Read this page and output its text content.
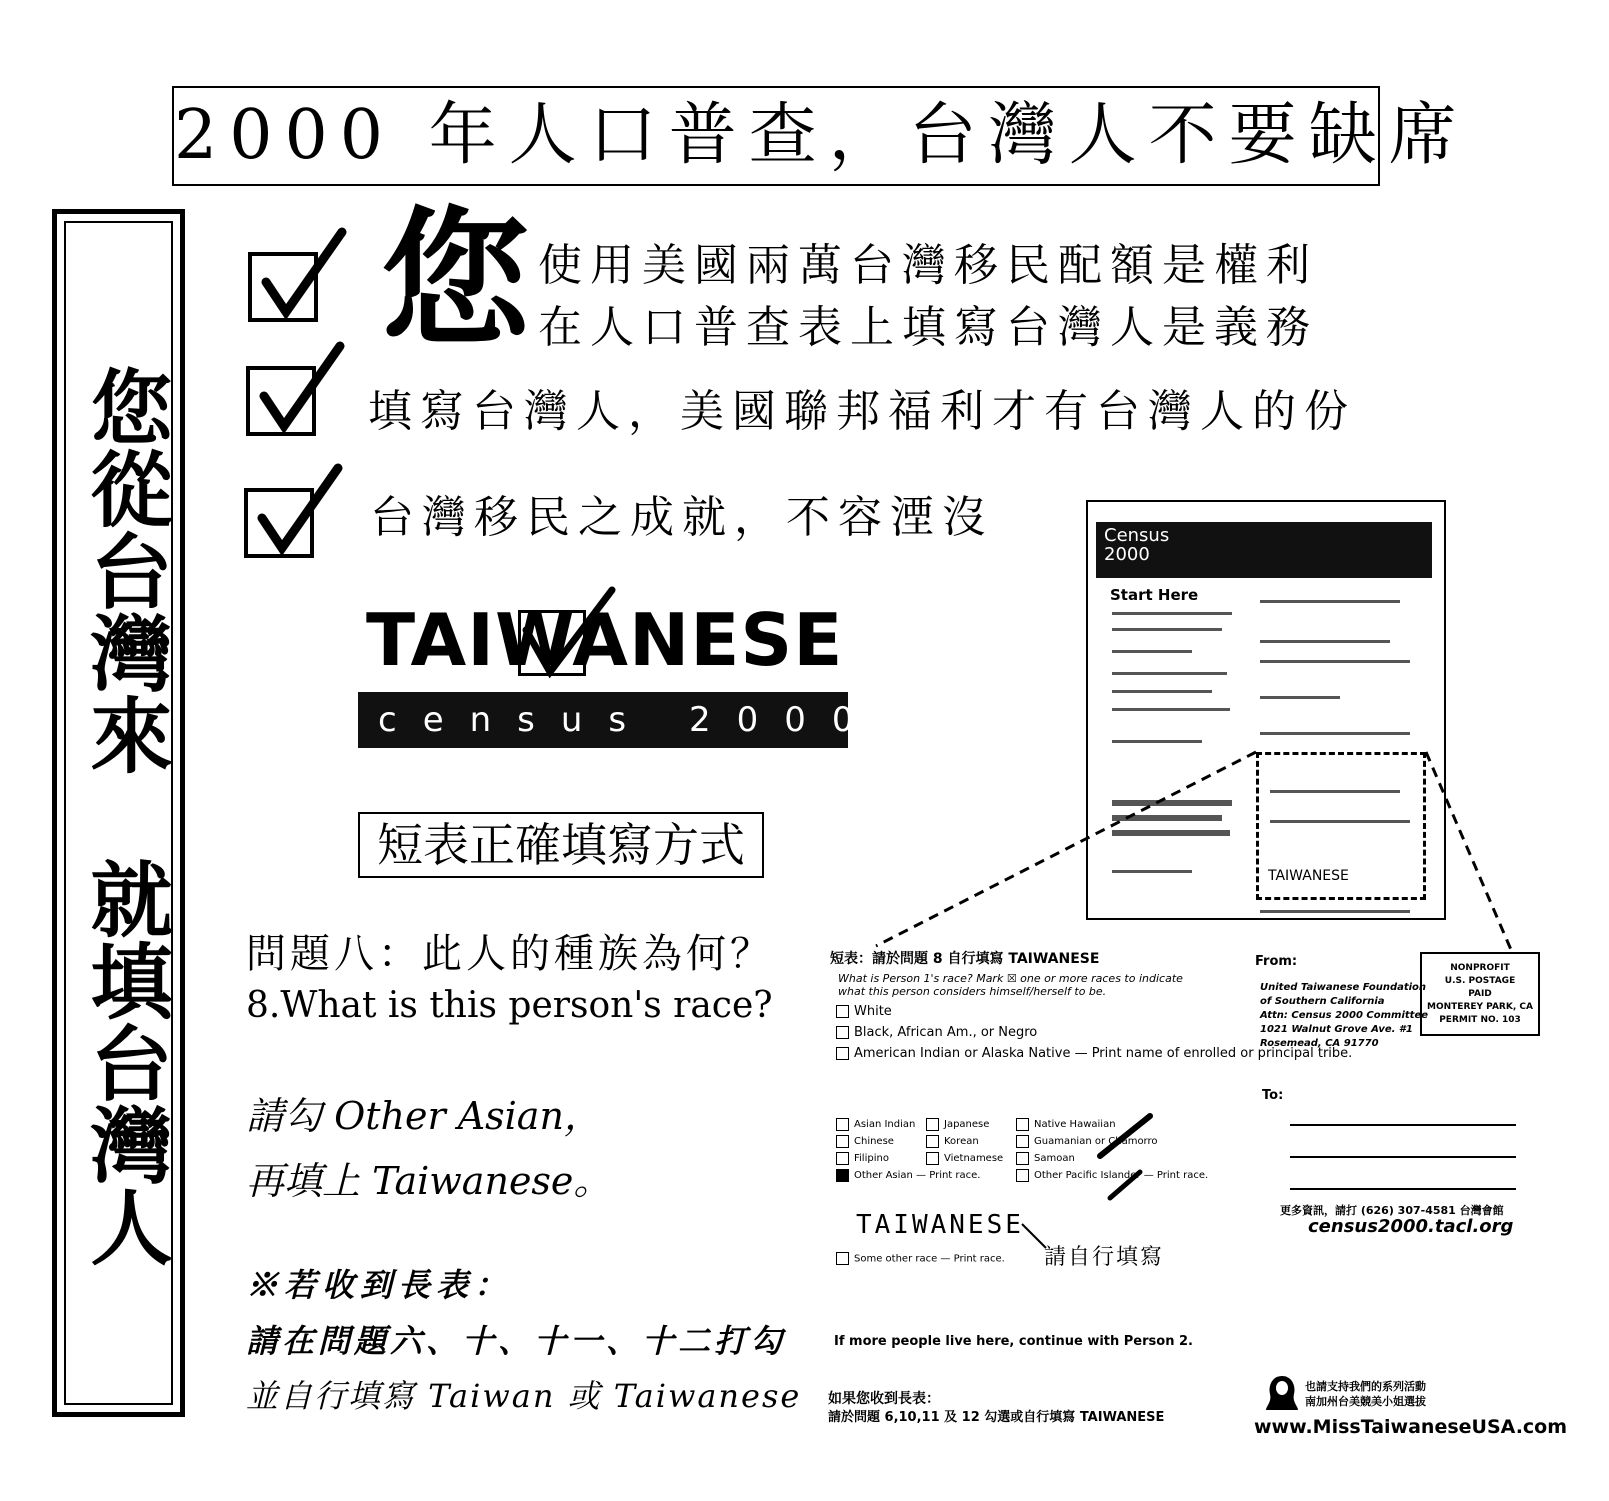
2000 年人口普查，台灣人不要缺席
您從台灣來　就填台灣人
您 使用美國兩萬台灣移民配額是權利
在人口普查表上填寫台灣人是義務
填寫台灣人，美國聯邦福利才有台灣人的份
台灣移民之成就，不容湮沒
TAIWANESE
census 2000
短表正確填寫方式
問題八：此人的種族為何？
8.What is this person's race?
請勾 Other Asian，
再填上 Taiwanese。
※若收到長表：
請在問題六、十、十一、十二打勾
並自行填寫 Taiwan 或 Taiwanese
Census
2000
Start Here
TAIWANESE
短表：請於問題 8 自行填寫 TAIWANESE
What is Person 1's race? Mark ☒ one or more races to indicate what this person considers himself/herself to be.
White
Black, African Am., or Negro
American Indian or Alaska Native — Print name of enrolled or principal tribe.
Asian Indian
Chinese
Filipino
Other Asian — Print race.
Japanese
Korean
Vietnamese
Native Hawaiian
Guamanian or Chamorro
Samoan
Other Pacific Islander — Print race.
TAIWANESE
請自行填寫
Some other race — Print race.
If more people live here, continue with Person 2.
如果您收到長表：
請於問題 6,10,11 及 12 勾選或自行填寫 TAIWANESE
From:
United Taiwanese Foundation
of Southern California
Attn: Census 2000 Committee
1021 Walnut Grove Ave. #1
Rosemead, CA 91770
NONPROFIT
U.S. POSTAGE
PAID
MONTEREY PARK, CA
PERMIT NO. 103
To:
更多資訊，請打 (626) 307-4581 台灣會館
census2000.tacl.org
也請支持我們的系列活動
南加州台美競美小姐選拔
www.MissTaiwaneseUSA.com
